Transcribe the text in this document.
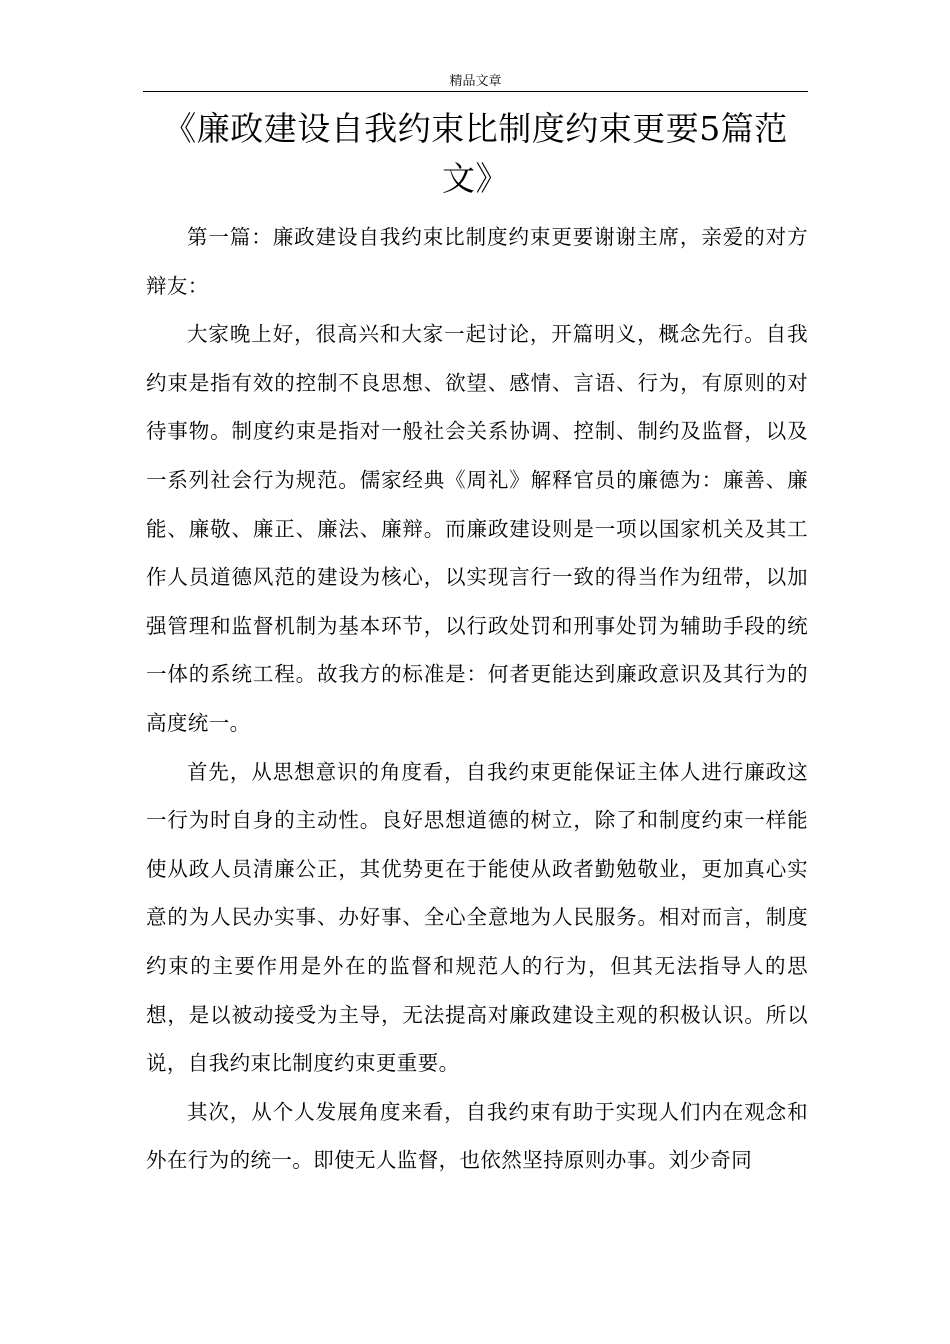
精品文章
《廉政建设自我约束比制度约束更要5篇范文》

第一篇：廉政建设自我约束比制度约束更要谢谢主席，亲爱的对方辩友：

大家晚上好，很高兴和大家一起讨论，开篇明义，概念先行。自我约束是指有效的控制不良思想、欲望、感情、言语、行为，有原则的对待事物。制度约束是指对一般社会关系协调、控制、制约及监督，以及一系列社会行为规范。儒家经典《周礼》解释官员的廉德为：廉善、廉能、廉敬、廉正、廉法、廉辩。而廉政建设则是一项以国家机关及其工作人员道德风范的建设为核心，以实现言行一致的得当作为纽带，以加强管理和监督机制为基本环节，以行政处罚和刑事处罚为辅助手段的统一体的系统工程。故我方的标准是：何者更能达到廉政意识及其行为的高度统一。

首先，从思想意识的角度看，自我约束更能保证主体人进行廉政这一行为时自身的主动性。良好思想道德的树立，除了和制度约束一样能使从政人员清廉公正，其优势更在于能使从政者勤勉敬业，更加真心实意的为人民办实事、办好事、全心全意地为人民服务。相对而言，制度约束的主要作用是外在的监督和规范人的行为，但其无法指导人的思想，是以被动接受为主导，无法提高对廉政建设主观的积极认识。所以说，自我约束比制度约束更重要。

其次，从个人发展角度来看，自我约束有助于实现人们内在观念和外在行为的统一。即使无人监督，也依然坚持原则办事。刘少奇同
